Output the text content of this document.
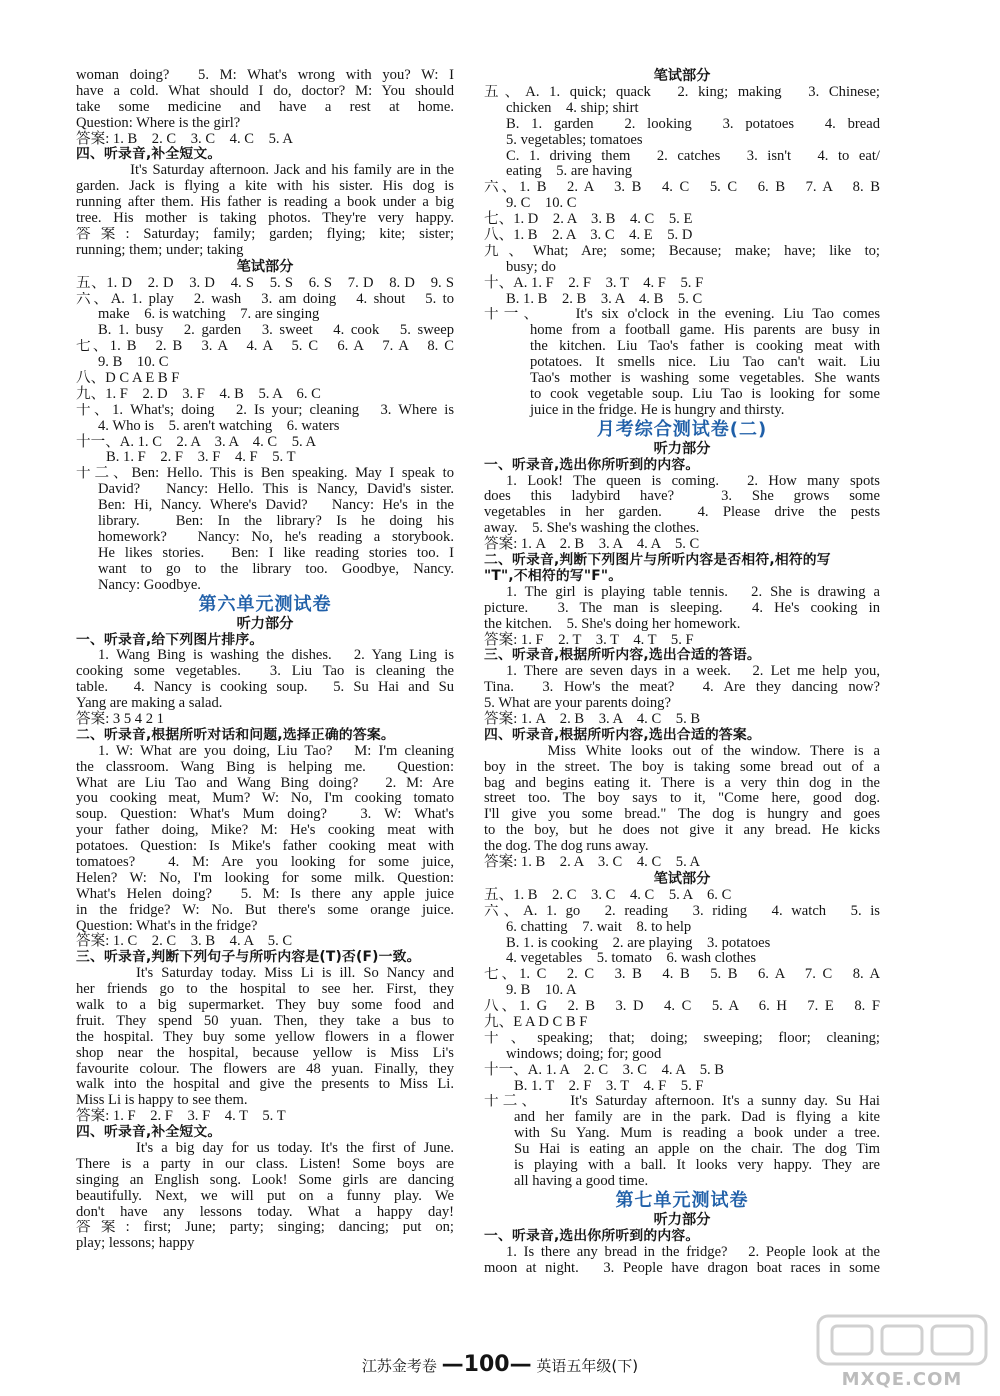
woman doing?　5. M: What's wrong with you? W: I
have a cold. What should I do, doctor? M: You should
take some medicine and have a rest at home.
Question: Where is the girl?
答案: 1. B　2. C　3. C　4. C　5. A
四、听录音,补全短文。
　　It's Saturday afternoon. Jack and his family are in the
garden. Jack is flying a kite with his sister. His dog is
running after them. His father is reading a book under a big
tree. His mother is taking photos. They're very happy.
答案: Saturday; family; garden; flying; kite; sister;
running; them; under; taking
笔试部分
五、1. D　2. D　3. D　4. S　5. S　6. S　7. D　8. D　9. S
六、A. 1. play　2. wash　3. am doing　4. shout　5. to
make　6. is watching　7. are singing
B. 1. busy　2. garden　3. sweet　4. cook　5. sweep
七、1. B　2. B　3. A　4. A　5. C　6. A　7. A　8. C
9. B　10. C
八、D C A E B F
九、1. F　2. D　3. F　4. B　5. A　6. C
十、1. What's; doing　2. Is your; cleaning　3. Where is
4. Who is　5. aren't watching　6. waters
十一、A. 1. C　2. A　3. A　4. C　5. A
B. 1. F　2. F　3. F　4. F　5. T
十二、Ben: Hello. This is Ben speaking. May I speak to
David?　Nancy: Hello. This is Nancy, David's sister.
Ben: Hi, Nancy. Where's David?　Nancy: He's in the
library.　Ben: In the library? Is he doing his
homework?　Nancy: No, he's reading a storybook.
He likes stories.　Ben: I like reading stories too. I
want to go to the library too. Goodbye, Nancy.
Nancy: Goodbye.
第六单元测试卷
听力部分
一、听录音,给下列图片排序。
1. Wang Bing is washing the dishes.　2. Yang Ling is
cooking some vegetables.　3. Liu Tao is cleaning the
table.　4. Nancy is cooking soup.　5. Su Hai and Su
Yang are making a salad.
答案: 3 5 4 2 1
二、听录音,根据所听对话和问题,选择正确的答案。
1. W: What are you doing, Liu Tao?　M: I'm cleaning
the classroom. Wang Bing is helping me.　Question:
What are Liu Tao and Wang Bing doing?　2. M: Are
you cooking meat, Mum? W: No, I'm cooking tomato
soup. Question: What's Mum doing?　3. W: What's
your father doing, Mike? M: He's cooking meat with
potatoes. Question: Is Mike's father cooking meat with
tomatoes?　4. M: Are you looking for some juice,
Helen? W: No, I'm looking for some milk. Question:
What's Helen doing?　5. M: Is there any apple juice
in the fridge? W: No. But there's some orange juice.
Question: What's in the fridge?
答案: 1. C　2. C　3. B　4. A　5. C
三、听录音,判断下列句子与所听内容是(T)否(F)一致。
　　It's Saturday today. Miss Li is ill. So Nancy and
her friends go to the hospital to see her. First, they
walk to a big supermarket. They buy some food and
fruit. They spend 50 yuan. Then, they take a bus to
the hospital. They buy some yellow flowers in a flower
shop near the hospital, because yellow is Miss Li's
favourite colour. The flowers are 48 yuan. Finally, they
walk into the hospital and give the presents to Miss Li.
Miss Li is happy to see them.
答案: 1. F　2. F　3. F　4. T　5. T
四、听录音,补全短文。
　　It's a big day for us today. It's the first of June.
There is a party in our class. Listen! Some boys are
singing an English song. Look! Some girls are dancing
beautifully. Next, we will put on a funny play. We
don't have any lessons today. What a happy day!
答案: first; June; party; singing; dancing; put on;
play; lessons; happy
笔试部分
五、A. 1. quick; quack　2. king; making　3. Chinese;
chicken　4. ship; shirt
B. 1. garden　2. looking　3. potatoes　4. bread
5. vegetables; tomatoes
C. 1. driving them　2. catches　3. isn't　4. to eat/
eating　5. are having
六、1. B　2. A　3. B　4. C　5. C　6. B　7. A　8. B
9. C　10. C
七、1. D　2. A　3. B　4. C　5. E
八、1. B　2. A　3. C　4. E　5. D
九、What; Are; some; Because; make; have; like to;
busy; do
十、A. 1. F　2. F　3. T　4. F　5. F
B. 1. B　2. B　3. A　4. B　5. C
十一、　　It's six o'clock in the evening. Liu Tao comes
home from a football game. His parents are busy in
the kitchen. Liu Tao's father is cooking meat with
potatoes. It smells nice. Liu Tao can't wait. Liu
Tao's mother is washing some vegetables. She wants
to cook vegetable soup. Liu Tao is looking for some
juice in the fridge. He is hungry and thirsty.
月考综合测试卷(二)
听力部分
一、听录音,选出你所听到的内容。
1. Look! The queen is coming.　2. How many spots
does this ladybird have?　3. She grows some
vegetables in her garden.　4. Please drive the pests
away.　5. She's washing the clothes.
答案: 1. A　2. B　3. A　4. A　5. C
二、听录音,判断下列图片与所听内容是否相符,相符的写
"T",不相符的写"F"。
1. The girl is playing table tennis.　2. She is drawing a
picture.　3. The man is sleeping.　4. He's cooking in
the kitchen.　5. She's doing her homework.
答案: 1. F　2. T　3. T　4. T　5. F
三、听录音,根据所听内容,选出合适的答语。
1. There are seven days in a week.　2. Let me help you,
Tina.　3. How's the meat?　4. Are they dancing now?
5. What are your parents doing?
答案: 1. A　2. B　3. A　4. C　5. B
四、听录音,根据所听内容,选出合适的答案。
　　Miss White looks out of the window. There is a
boy in the street. The boy is taking some bread out of a
bag and begins eating it. There is a very thin dog in the
street too. The boy says to it, "Come here, good dog.
I'll give you some bread." The dog is hungry and goes
to the boy, but he does not give it any bread. He kicks
the dog. The dog runs away.
答案: 1. B　2. A　3. C　4. C　5. A
笔试部分
五、1. B　2. C　3. C　4. C　5. A　6. C
六、A. 1. go　2. reading　3. riding　4. watch　5. is
6. chatting　7. wait　8. to help
B. 1. is cooking　2. are playing　3. potatoes
4. vegetables　5. tomato　6. wash clothes
七、1. C　2. C　3. B　4. B　5. B　6. A　7. C　8. A
9. B　10. A
八、1. G　2. B　3. D　4. C　5. A　6. H　7. E　8. F
九、E A D C B F
十、speaking; that; doing; sweeping; floor; cleaning;
windows; doing; for; good
十一、A. 1. A　2. C　3. C　4. A　5. B
B. 1. T　2. F　3. T　4. F　5. F
十二、　　It's Saturday afternoon. It's a sunny day. Su Hai
and her family are in the park. Dad is flying a kite
with Su Yang. Mum is reading a book under a tree.
Su Hai is eating an apple on the chair. The dog Tim
is playing with a ball. It looks very happy. They are
all having a good time.
第七单元测试卷
听力部分
一、听录音,选出你所听到的内容。
1. Is there any bread in the fridge?　2. People look at the
moon at night.　3. People have dragon boat races in some
江苏金考卷 —100— 英语五年级(下)
MXQE.COM
